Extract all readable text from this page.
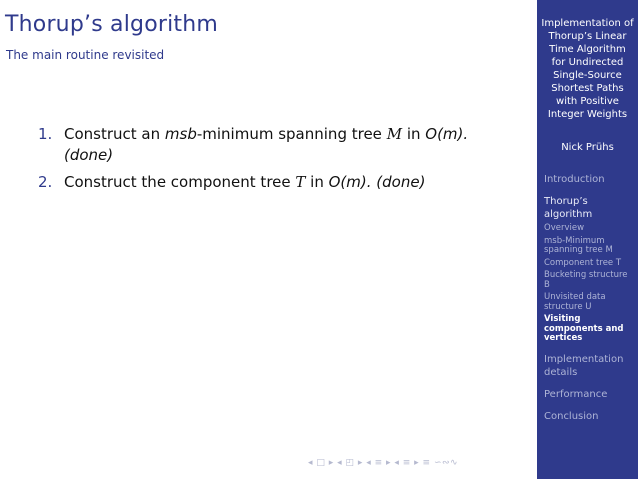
Thorup’s algorithm
The main routine revisited
1. Construct an msb-minimum spanning tree M in O(m).
(done)
2. Construct the component tree T in O(m). (done)
◂ □ ▸ ◂ ◰ ▸ ◂ ≡ ▸ ◂ ≡ ▸ ≡ ∽∾∿
Implementation of Thorup’s Linear Time Algorithm for Undirected Single-Source Shortest Paths with Positive Integer Weights
Nick Prühs
Introduction
Thorup’s algorithm
Overview
msb-Minimum spanning tree M
Component tree T
Bucketing structure B
Unvisited data structure U
Visiting components and vertices
Implementation details
Performance
Conclusion
